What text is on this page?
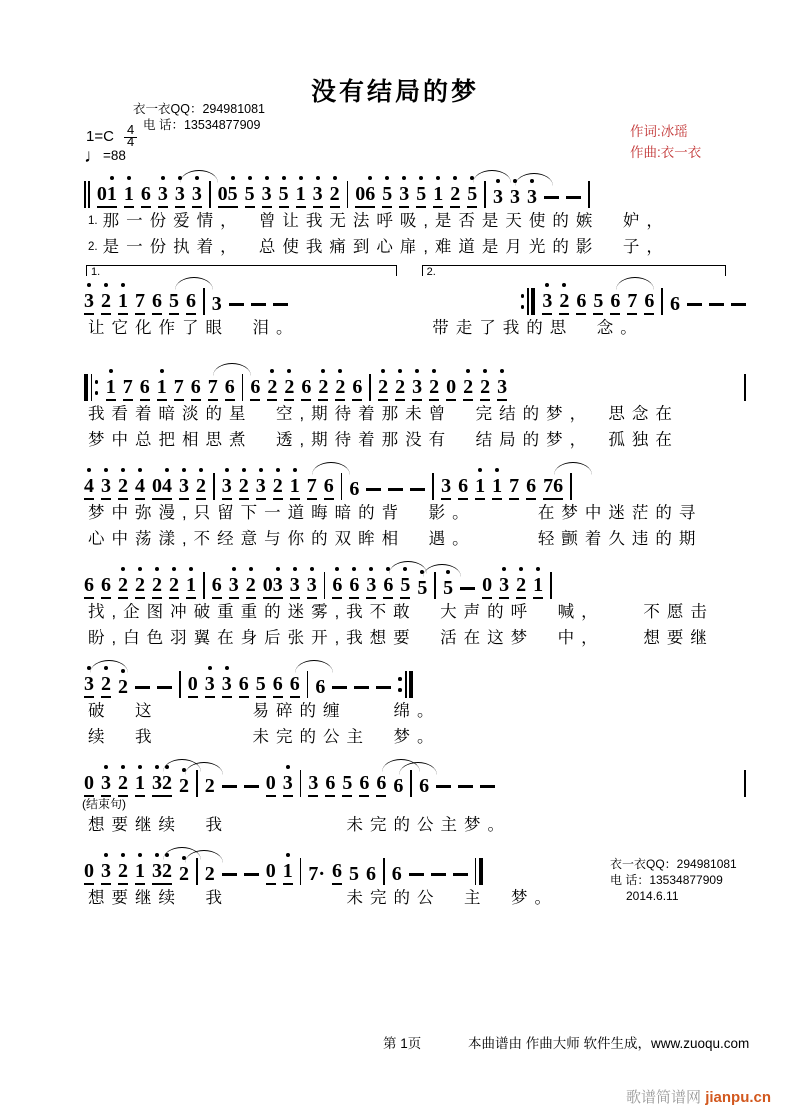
没有结局的梦
衣一衣QQ：294981081
电 话：13534877909
1=C 4
4
♩=88
作词:冰瑶
作曲:衣一衣
01 1 6 3 3 3 05 5 3 5 1 3 2 06 5 3 5 1 2 5 3 3 3
1. 那一份爱情，　曾让我无法呼吸,是否是天使的嫉　妒，
2. 是一份执着，　总使我痛到心扉,难道是月光的影　子，
1.	2.
3 2 1 7 6 5 6 3	3 2 6 5 6 7 6 6
让它化作了眼　泪。　　　　　　带走了我的思　念。
1 7 6 1 7 6 7 6 6 2 2 6 2 2 6 2 2 3 2 0 2 2 3
我看着暗淡的星　空,期待着那未曾　完结的梦，　思念在
梦中总把相思煮　透,期待着那没有　结局的梦，　孤独在
4 3 2 4 04 3 2 3 2 3 2 1 7 6 6	3 6 1 1 7 6 76
梦中弥漫,只留下一道晦暗的背　影。　　　在梦中迷茫的寻
心中荡漾,不经意与你的双眸相　遇。　　　轻颤着久违的期
6 6 2 2 2 2 1 6 3 2 03 3 3 6 6 3 6 5 5 5 0 3 2 1
找,企图冲破重重的迷雾,我不敢　大声的呼　喊，　　不愿击
盼,白色羽翼在身后张开,我想要　活在这梦　中，　　想要继
3 2 2	0 3 3 6 5 6 6 6
破　这　　　　易碎的缠　　绵。
续　我　　　　未完的公主　梦。
0 3 2 1 32 2 2	0 3 3 6 5 6 6 6 6
(结束句)
想要继续　我　　　　　未完的公主梦。
0 3 2 1 32 2 2	0 1 7· 6 5 6 6
想要继续　我　　　　　未完的公　主　梦。
衣一衣QQ：294981081
电 话：13534877909
2014.6.11
第 1页	本曲谱由 作曲大师 软件生成，www.zuoqu.com
歌谱简谱网 jianpu.cn
